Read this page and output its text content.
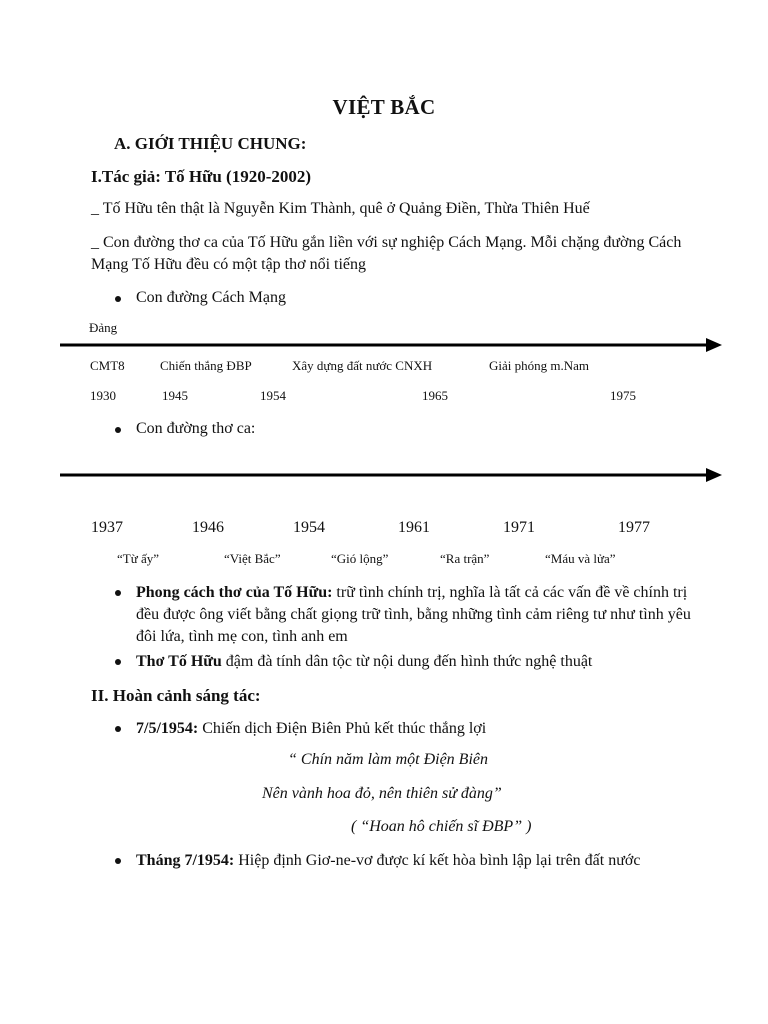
VIỆT BẮC
A. GIỚI THIỆU CHUNG:
I.Tác giả: Tố Hữu (1920-2002)
_ Tố Hữu tên thật là Nguyễn Kim Thành, quê ở Quảng Điền, Thừa Thiên Huế
_ Con đường thơ ca của Tố Hữu gắn liền với sự nghiệp Cách Mạng. Mỗi chặng đường Cách Mạng Tố Hữu đều có một tập thơ nổi tiếng
Con đường Cách Mạng
Đảng
CMT8	Chiến thắng ĐBP	Xây dựng đất nước CNXH	Giải phóng m.Nam
1930	1945	1954	1965	1975
Con đường thơ ca:
1937	1946	1954	1961	1971	1977
“Từ ấy”	“Việt Bắc”	“Gió lộng”	“Ra trận”	“Máu và lửa”
Phong cách thơ của Tố Hữu: trữ tình chính trị, nghĩa là tất cả các vấn đề về chính trị đều được ông viết bằng chất giọng trữ tình, bằng những tình cảm riêng tư như tình yêu đôi lứa, tình mẹ con, tình anh em
Thơ Tố Hữu đậm đà tính dân tộc từ nội dung đến hình thức nghệ thuật
II. Hoàn cảnh sáng tác:
7/5/1954: Chiến dịch Điện Biên Phủ kết thúc thắng lợi
“ Chín năm làm một Điện Biên
Nên vành hoa đỏ, nên thiên sử đàng”
( “Hoan hô chiến sĩ ĐBP” )
Tháng 7/1954: Hiệp định Giơ-ne-vơ được kí kết hòa bình lập lại trên đất nước
